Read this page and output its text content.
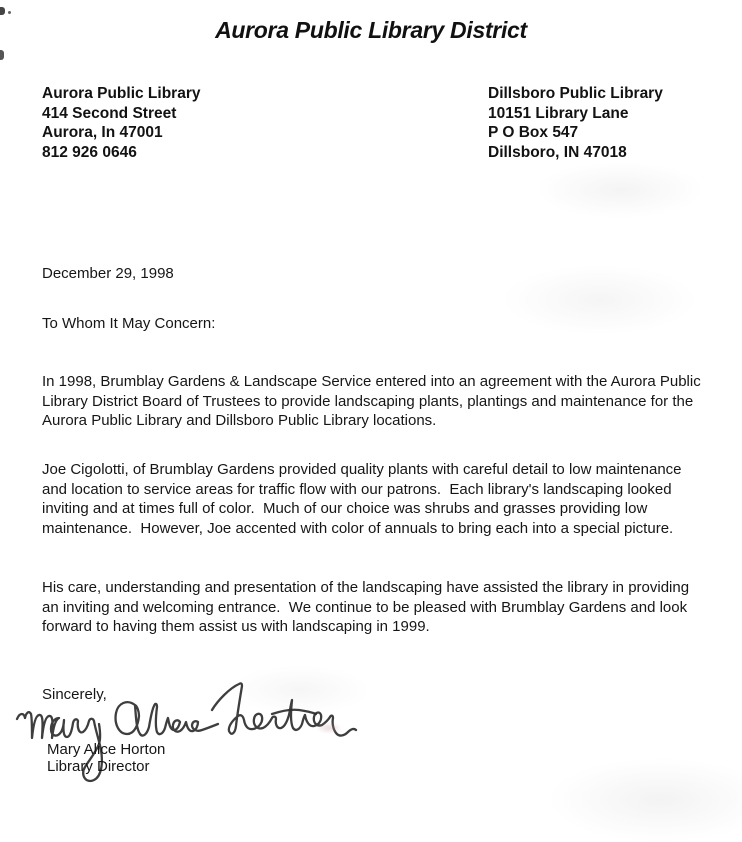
Aurora Public Library District
Aurora Public Library
414 Second Street
Aurora, In 47001
812 926 0646
Dillsboro Public Library
10151 Library Lane
P O Box 547
Dillsboro, IN 47018
December 29, 1998
To Whom It May Concern:

In 1998, Brumblay Gardens & Landscape Service entered into an agreement with the Aurora Public Library District Board of Trustees to provide landscaping plants, plantings and maintenance for the Aurora Public Library and Dillsboro Public Library locations.

Joe Cigolotti, of Brumblay Gardens provided quality plants with careful detail to low maintenance and location to service areas for traffic flow with our patrons.  Each library's landscaping looked inviting and at times full of color.  Much of our choice was shrubs and grasses providing low maintenance.  However, Joe accented with color of annuals to bring each into a special picture.

His care, understanding and presentation of the landscaping have assisted the library in providing an inviting and welcoming entrance.  We continue to be pleased with Brumblay Gardens and look forward to having them assist us with landscaping in 1999.

Sincerely,
Mary Alice Horton
Library Director
